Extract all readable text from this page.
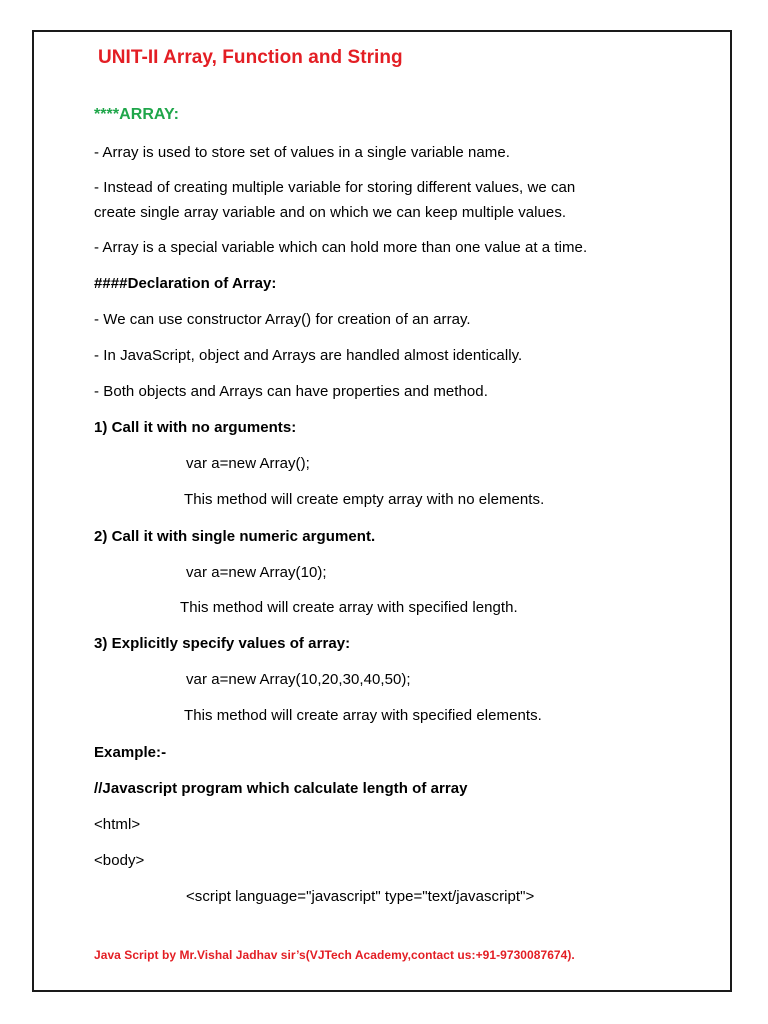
UNIT-II Array, Function and String
****ARRAY:
- Array is used to store set of values in a single variable name.
- Instead of creating multiple variable for storing different values, we can
create single array variable and on which we can keep multiple values.
- Array is a special variable which can hold more than one value at a time.
####Declaration of Array:
- We can use constructor Array() for creation of an array.
- In JavaScript, object and Arrays are handled almost identically.
- Both objects and Arrays can have properties and method.
1) Call it with no arguments:
var a=new Array();
This method will create empty array with no elements.
2) Call it with single numeric argument.
var a=new Array(10);
This method will create array with specified length.
3) Explicitly specify values of array:
var a=new Array(10,20,30,40,50);
This method will create array with specified elements.
Example:-
//Javascript program which calculate length of array
<html>
<body>
<script language="javascript" type="text/javascript">
Java Script by Mr.Vishal Jadhav sir’s(VJTech Academy,contact us:+91-9730087674).
